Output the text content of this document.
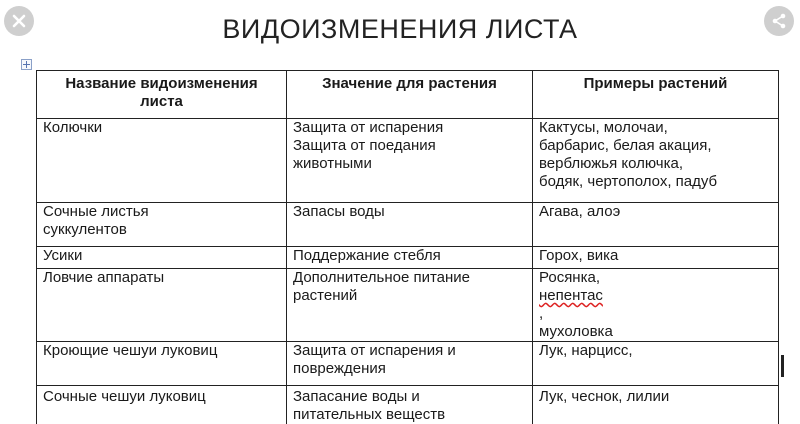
ВИДОИЗМЕНЕНИЯ ЛИСТА
Название видоизменения листа	Значение для растения	Примеры растений

Колючки	Защита от испарения
Защита от поедания
животными	Кактусы, молочаи,
барбарис, белая акация,
верблюжья колючка,
бодяк, чертополох, падуб

Сочные листья
суккулентов	Запасы воды	Агава, алоэ

Усики	Поддержание стебля	Горох, вика

Ловчие аппараты	Дополнительное питание
растений	Росянка,
непентас
,
мухоловка

Кроющие чешуи луковиц	Защита от испарения и
повреждения	Лук, нарцисс,

Сочные чешуи луковиц	Запасание воды и
питательных веществ	Лук, чеснок, лилии
